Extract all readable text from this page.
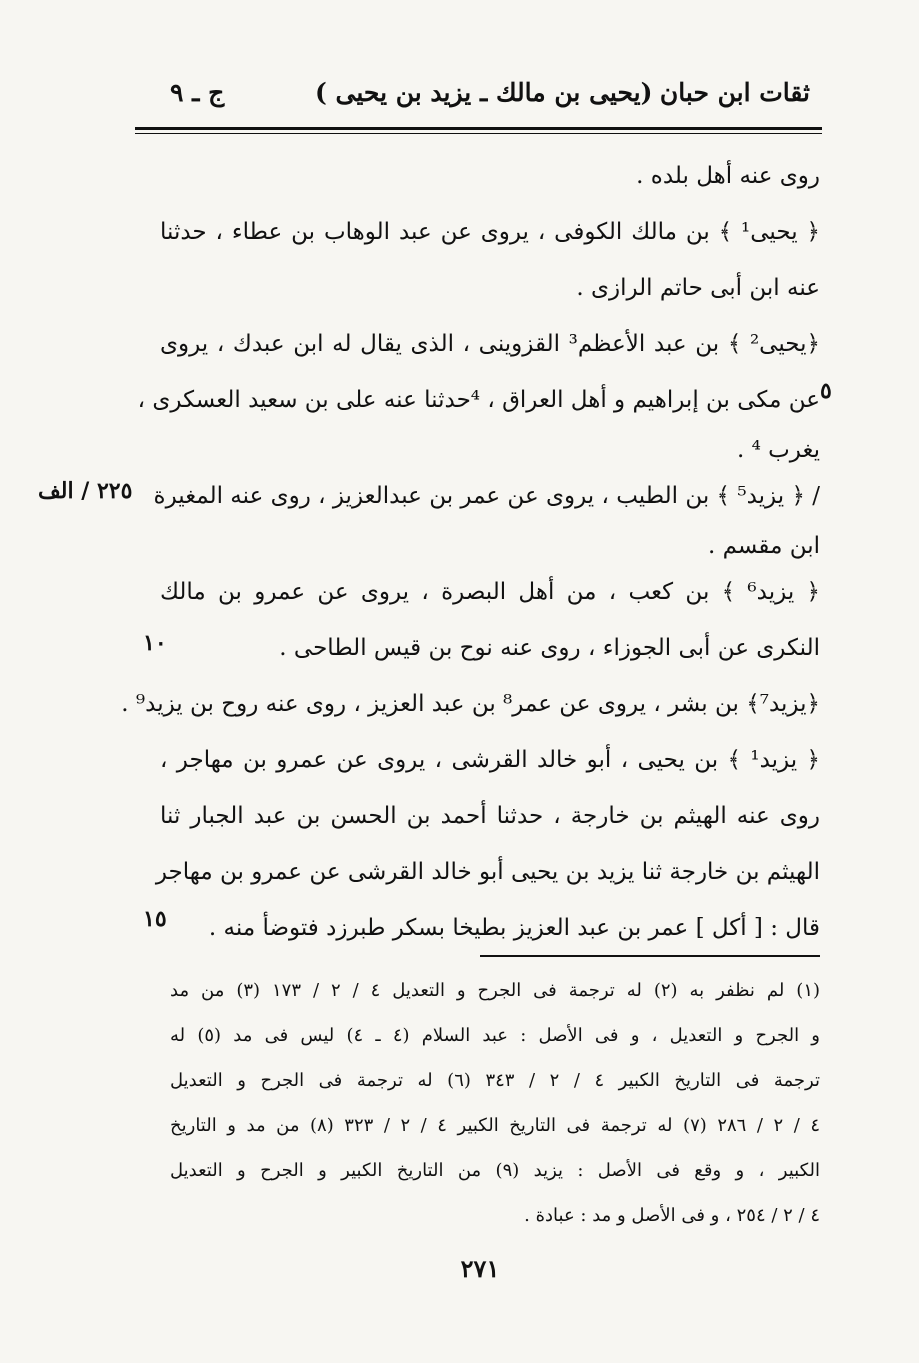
ثقات ابن حبان
( يحيى بن مالك ـ يزيد بن يحيى)
ج ـ ٩
روى عنه أهل بلده .
﴿ يحيى¹ ﴾ بن مالك الكوفى ، يروى عن عبد الوهاب بن عطاء ، حدثنا
عنه ابن أبى حاتم الرازى .
﴿يحيى² ﴾ بن عبد الأعظم³ القزوينى ، الذى يقال له ابن عبدك ، يروى
عن مكى بن إبراهيم و أهل العراق ، ⁴حدثنا عنه على بن سعيد العسكرى ،
يغرب ⁴ .
/ ﴿ يزيد⁵ ﴾ بن الطيب ، يروى عن عمر بن عبدالعزيز ، روى عنه المغيرة
ابن مقسم .
﴿ يزيد⁶ ﴾ بن كعب ، من أهل البصرة ، يروى عن عمرو بن مالك
النكرى عن أبى الجوزاء ، روى عنه نوح بن قيس الطاحى .
﴿يزيد⁷﴾ بن بشر ، يروى عن عمر⁸ بن عبد العزيز ، روى عنه روح بن يزيد⁹ .
﴿ يزيد¹ ﴾ بن يحيى ، أبو خالد القرشى ، يروى عن عمرو بن مهاجر ،
روى عنه الهيثم بن خارجة ، حدثنا أحمد بن الحسن بن عبد الجبار ثنا
الهيثم بن خارجة ثنا يزيد بن يحيى أبو خالد القرشى عن عمرو بن مهاجر
قال : [ أكل ] عمر بن عبد العزيز بطيخا بسكر طبرزد فتوضأ منه .
٥
١٠
١٥
٢٢٥ / الف
(١) لم نظفر به (٢) له ترجمة فى الجرح و التعديل ٤ / ٢ / ١٧٣ (٣) من مد
و الجرح و التعديل ، و فى الأصل : عبد السلام (٤ ـ ٤) ليس فى مد (٥) له
ترجمة فى التاريخ الكبير ٤ / ٢ / ٣٤٣ (٦) له ترجمة فى الجرح و التعديل
٤ / ٢ / ٢٨٦ (٧) له ترجمة فى التاريخ الكبير ٤ / ٢ / ٣٢٣ (٨) من مد و التاريخ
الكبير ، و وقع فى الأصل : يزيد (٩) من التاريخ الكبير و الجرح و التعديل
٤ / ٢ / ٢٥٤ ، و فى الأصل و مد : عبادة .
٢٧١
